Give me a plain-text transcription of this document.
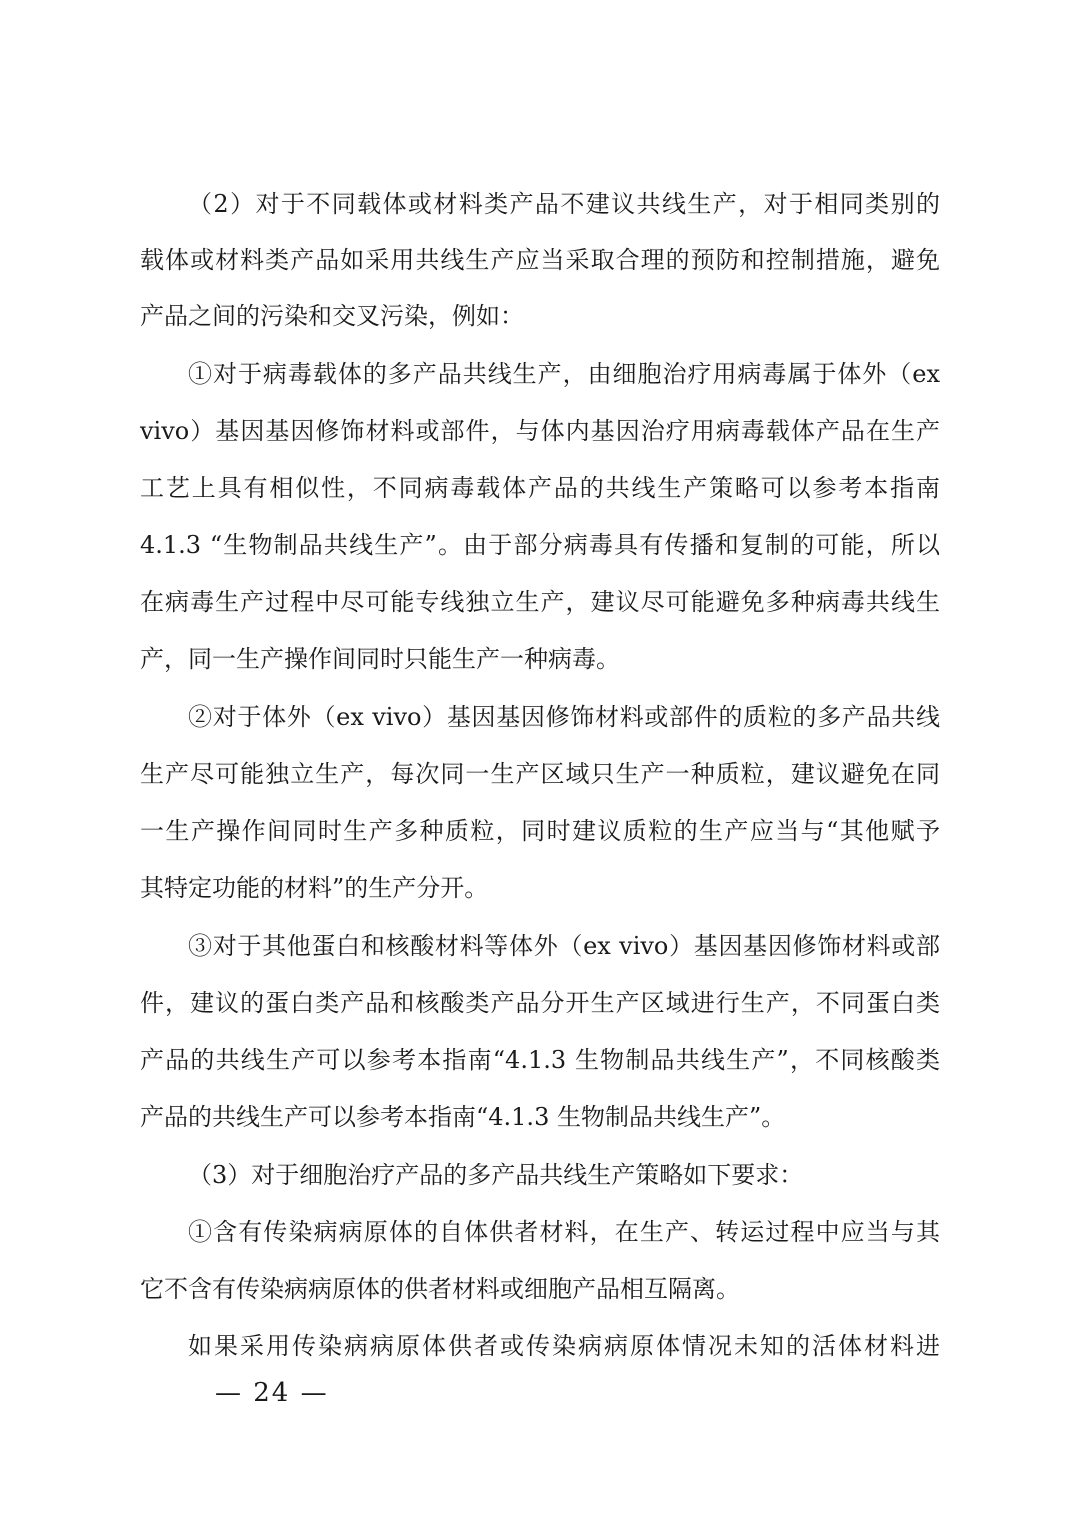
（2）对于不同载体或材料类产品不建议共线生产，对于相同类别的
载体或材料类产品如采用共线生产应当采取合理的预防和控制措施，避免
产品之间的污染和交叉污染，例如：
①对于病毒载体的多产品共线生产，由细胞治疗用病毒属于体外（ex
vivo）基因基因修饰材料或部件，与体内基因治疗用病毒载体产品在生产
工艺上具有相似性，不同病毒载体产品的共线生产策略可以参考本指南
4.1.3 “生物制品共线生产”。由于部分病毒具有传播和复制的可能，所以
在病毒生产过程中尽可能专线独立生产，建议尽可能避免多种病毒共线生
产，同一生产操作间同时只能生产一种病毒。
②对于体外（ex vivo）基因基因修饰材料或部件的质粒的多产品共线
生产尽可能独立生产，每次同一生产区域只生产一种质粒，建议避免在同
一生产操作间同时生产多种质粒，同时建议质粒的生产应当与“其他赋予
其特定功能的材料”的生产分开。
③对于其他蛋白和核酸材料等体外（ex vivo）基因基因修饰材料或部
件，建议的蛋白类产品和核酸类产品分开生产区域进行生产，不同蛋白类
产品的共线生产可以参考本指南“4.1.3 生物制品共线生产”，不同核酸类
产品的共线生产可以参考本指南“4.1.3 生物制品共线生产”。
（3）对于细胞治疗产品的多产品共线生产策略如下要求：
①含有传染病病原体的自体供者材料，在生产、转运过程中应当与其
它不含有传染病病原体的供者材料或细胞产品相互隔离。
如果采用传染病病原体供者或传染病病原体情况未知的活体材料进
— 24 —
